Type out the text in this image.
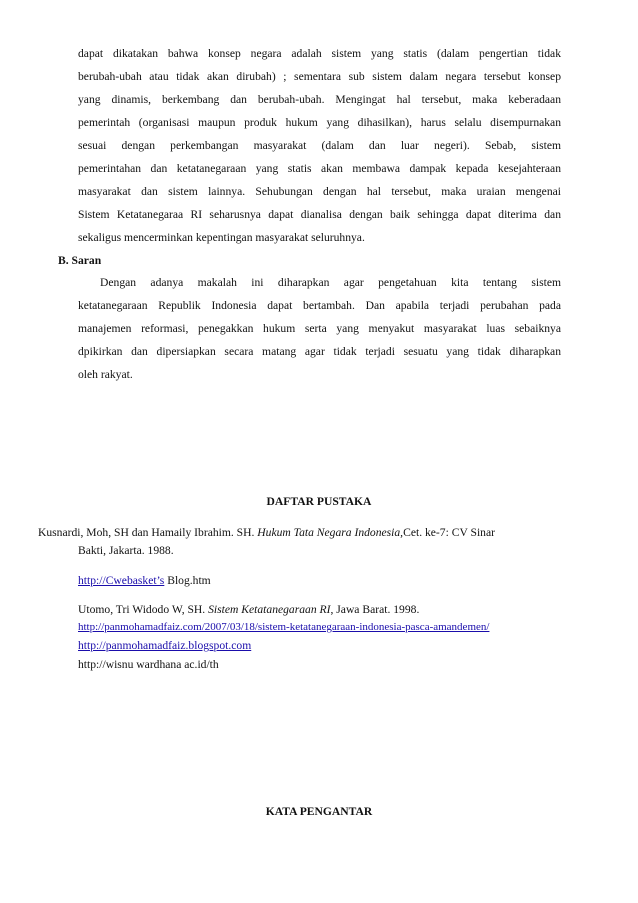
dapat dikatakan bahwa konsep negara adalah sistem yang statis (dalam pengertian tidak
berubah-ubah atau tidak akan dirubah) ; sementara sub sistem dalam negara tersebut konsep
yang dinamis, berkembang dan berubah-ubah. Mengingat hal tersebut, maka keberadaan
pemerintah (organisasi maupun produk hukum yang dihasilkan), harus selalu disempurnakan
sesuai dengan perkembangan masyarakat (dalam dan luar negeri). Sebab, sistem
pemerintahan dan ketatanegaraan yang statis akan membawa dampak kepada kesejahteraan
masyarakat dan sistem lainnya. Sehubungan dengan hal tersebut, maka uraian mengenai
Sistem Ketatanegaraa RI seharusnya dapat dianalisa dengan baik sehingga dapat diterima dan
sekaligus mencerminkan kepentingan masyarakat seluruhnya.
B. Saran
Dengan adanya makalah ini diharapkan agar pengetahuan kita tentang sistem
ketatanegaraan Republik Indonesia dapat bertambah. Dan apabila terjadi perubahan pada
manajemen reformasi, penegakkan hukum serta yang menyakut masyarakat luas sebaiknya
dpikirkan dan dipersiapkan secara matang agar tidak terjadi sesuatu yang tidak diharapkan
oleh rakyat.
DAFTAR PUSTAKA
Kusnardi, Moh, SH dan Hamaily Ibrahim. SH. Hukum Tata Negara Indonesia,Cet. ke-7: CV Sinar
Bakti, Jakarta. 1988.
http://Cwebasket’s Blog.htm
Utomo, Tri Widodo W, SH. Sistem Ketatanegaraan RI, Jawa Barat. 1998.
http://panmohamadfaiz.com/2007/03/18/sistem-ketatanegaraan-indonesia-pasca-amandemen/
http://panmohamadfaiz.blogspot.com
http://wisnu wardhana ac.id/th
KATA PENGANTAR
